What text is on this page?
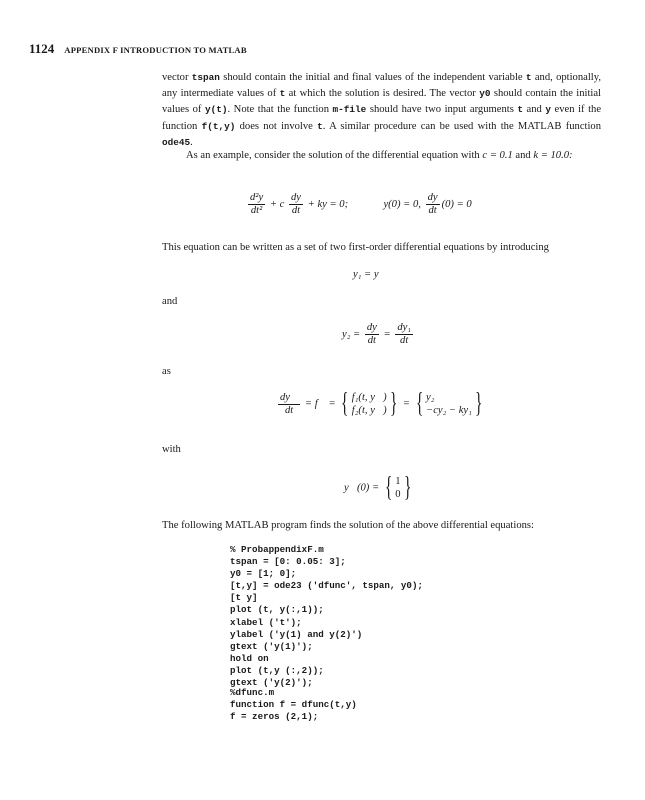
1124 APPENDIX F INTRODUCTION TO MATLAB

vector tspan should contain the initial and final values of the independent variable t and, optionally, any intermediate values of t at which the solution is desired. The vector y0 should contain the initial values of y(t). Note that the function m-file should have two input arguments t and y even if the function f(t,y) does not involve t. A similar procedure can be used with the MATLAB function ode45.

As an example, consider the solution of the differential equation with c = 0.1 and k = 10.0:

$\frac{\text{d²y}}{\text{dt²}} + c \frac{dy}{dt}$ + ky = 0;	y(0) = 0, $\frac{dy}{dt} (0) = 0$

This equation can be written as a set of two first-order differential equations by introducing

y₁ = y
and
$y_2 = \frac{dy}{dt} = \frac{\text{dy₁}}{dt}$
as
$\frac{dy⃗}{dt}$ = f⃗ = { f₁(t, y⃗)
f₂(t, y⃗) } = { y₂
−cy₂ − ky₁ }
with
y⃗(0) = { 1
0 }

The following MATLAB program finds the solution of the above differential equations:

% ProbappendixF.m
tspan = [0: 0.05: 3];
y0 = [1; 0];
[t,y] = ode23 ('dfunc', tspan, y0);
[t y]
plot (t, y(:,1));
xlabel ('t');
ylabel ('y(1) and y(2)')
gtext ('y(1)');
hold on
plot (t,y (:,2));
gtext ('y(2)');
%dfunc.m
function f = dfunc(t,y)
f = zeros (2,1);
